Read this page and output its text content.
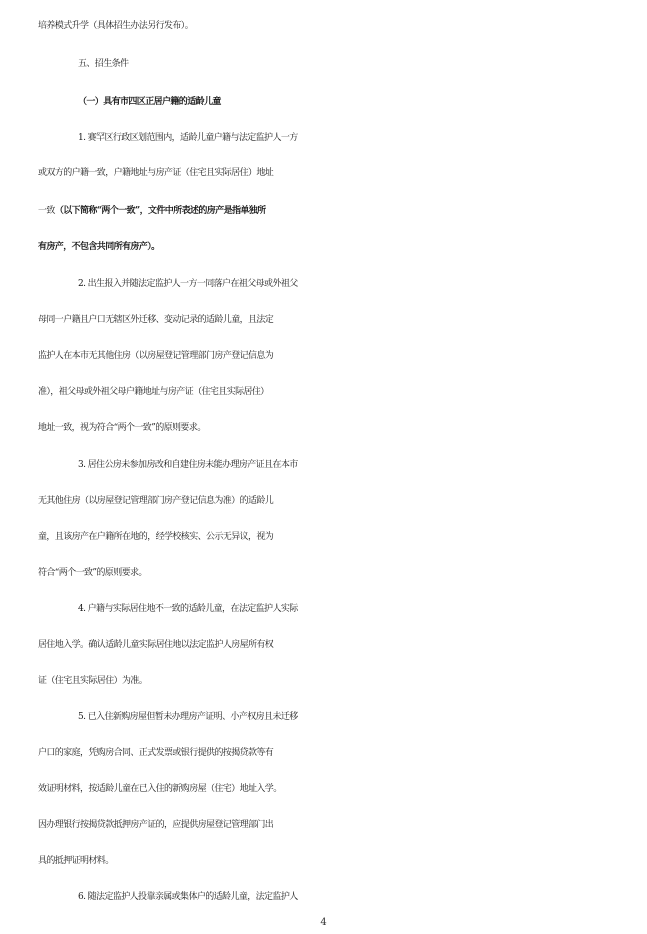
培养模式升学（具体招生办法另行发布）。
五、招生条件
（一）具有市四区正居户籍的适龄儿童
1. 赛罕区行政区划范围内，适龄儿童户籍与法定监护人一方
或双方的户籍一致，户籍地址与房产证（住宅且实际居住）地址
一致（以下简称“两个一致”，文件中所表述的房产是指单独所
有房产，不包含共同所有房产）。
2. 出生报入并随法定监护人一方一同落户在祖父母或外祖父
母同一户籍且户口无辖区外迁移、变动记录的适龄儿童，且法定
监护人在本市无其他住房（以房屋登记管理部门房产登记信息为
准），祖父母或外祖父母户籍地址与房产证（住宅且实际居住）
地址一致，视为符合“两个一致”的原则要求。
3. 居住公房未参加房改和自建住房未能办理房产证且在本市
无其他住房（以房屋登记管理部门房产登记信息为准）的适龄儿
童，且该房产在户籍所在地的，经学校核实、公示无异议，视为
符合“两个一致”的原则要求。
4. 户籍与实际居住地不一致的适龄儿童，在法定监护人实际
居住地入学。确认适龄儿童实际居住地以法定监护人房屋所有权
证（住宅且实际居住）为准。
5. 已入住新购房屋但暂未办理房产证明、小产权房且未迁移
户口的家庭，凭购房合同、正式发票或银行提供的按揭贷款等有
效证明材料，按适龄儿童在已入住的新购房屋（住宅）地址入学。
因办理银行按揭贷款抵押房产证的，应提供房屋登记管理部门出
具的抵押证明材料。
6. 随法定监护人投靠亲属或集体户的适龄儿童，法定监护人
4
